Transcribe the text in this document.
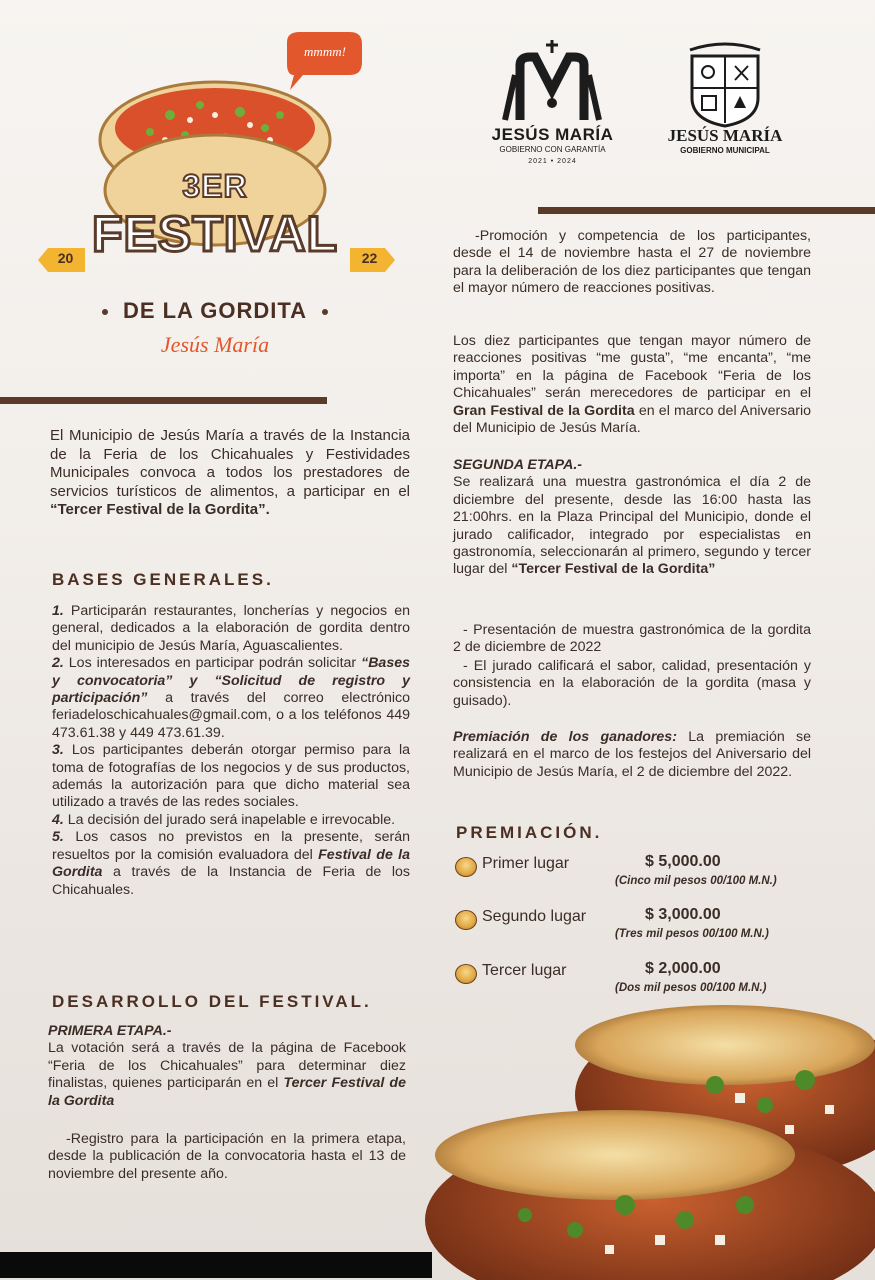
mmmm!
3ER
FESTIVAL
20	22
DE LA GORDITA
Jesús María
JESÚS MARÍA
GOBIERNO CON GARANTÍA
2021 • 2024
JESÚS MARÍA
GOBIERNO MUNICIPAL
El Municipio de Jesús María a través de la Instancia de la Feria de los Chicahuales y Festividades Municipales convoca a todos los prestadores de servicios turísticos de alimentos, a participar en el “Tercer Festival de la Gordita”.
BASES GENERALES.
1. Participarán restaurantes, loncherías y negocios en general, dedicados a la elaboración de gordita dentro del municipio de Jesús María, Aguascalientes.
2. Los interesados en participar podrán solicitar “Bases y convocatoria” y “Solicitud de registro y participación” a través del correo electrónico feriadeloschicahuales@gmail.com, o a los teléfonos 449 473.61.38 y 449 473.61.39.
3. Los participantes deberán otorgar permiso para la toma de fotografías de los negocios y de sus productos, además la autorización para que dicho material sea utilizado a través de las redes sociales.
4. La decisión del jurado será inapelable e irrevocable.
5. Los casos no previstos en la presente, serán resueltos por la comisión evaluadora del Festival de la Gordita a través de la Instancia de Feria de los Chicahuales.
DESARROLLO DEL FESTIVAL.
PRIMERA ETAPA.-
La votación será a través de la página de Facebook “Feria de los Chicahuales” para determinar diez finalistas, quienes participarán en el Tercer Festival de la Gordita
-Registro para la participación en la primera etapa, desde la publicación de la convocatoria hasta el 13 de noviembre del presente año.
-Promoción y competencia de los participantes, desde el 14 de noviembre hasta el 27 de noviembre para la deliberación de los diez participantes que tengan el mayor número de reacciones positivas.
Los diez participantes que tengan mayor número de reacciones positivas “me gusta”, “me encanta”, “me importa” en la página de Facebook “Feria de los Chicahuales” serán merecedores de participar en el Gran Festival de la Gordita en el marco del Aniversario del Municipio de Jesús María.
SEGUNDA ETAPA.-
Se realizará una muestra gastronómica el día 2 de diciembre del presente, desde las 16:00 hasta las 21:00hrs. en la Plaza Principal del Municipio, donde el jurado calificador, integrado por especialistas en gastronomía, seleccionarán al primero, segundo y tercer lugar del “Tercer Festival de la Gordita”
- Presentación de muestra gastronómica de la gordita 2 de diciembre de 2022
- El jurado calificará el sabor, calidad, presentación y consistencia en la elaboración de la gordita (masa y guisado).
Premiación de los ganadores: La premiación se realizará en el marco de los festejos del Aniversario del Municipio de Jesús María, el 2 de diciembre del 2022.
PREMIACIÓN.
Primer lugar	$ 5,000.00
(Cinco mil pesos 00/100 M.N.)
Segundo lugar	$ 3,000.00
(Tres mil pesos 00/100 M.N.)
Tercer lugar	$ 2,000.00
(Dos mil pesos 00/100 M.N.)
